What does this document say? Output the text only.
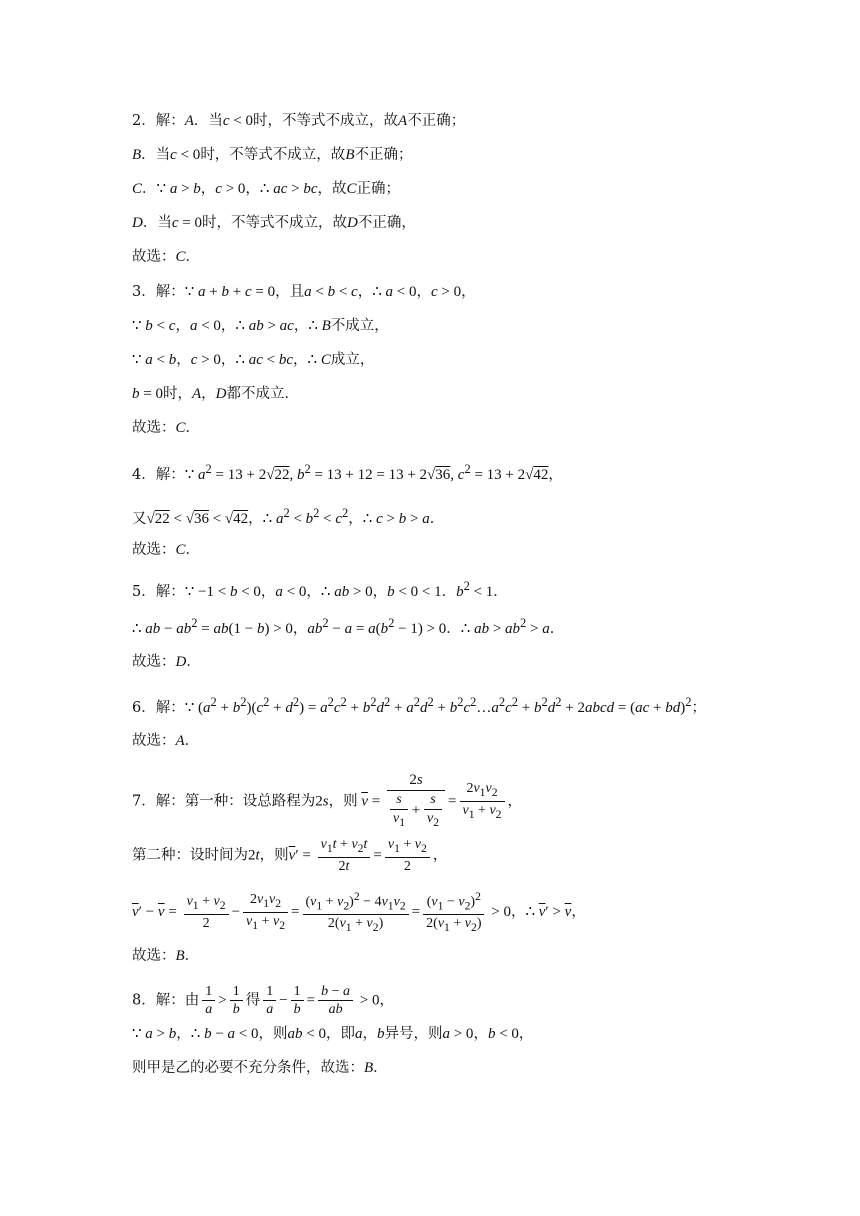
2．解：A．当c < 0时，不等式不成立，故A不正确；
B．当c < 0时，不等式不成立，故B不正确；
C．∵ a > b，c > 0，∴ ac > bc，故C正确；
D．当c = 0时，不等式不成立，故D不正确，
故选：C．
3．解：∵ a + b + c = 0，且a < b < c，∴ a < 0，c > 0，
∵ b < c，a < 0，∴ ab > ac，∴ B不成立，
∵ a < b，c > 0，∴ ac < bc，∴ C成立，
b = 0时，A，D都不成立．
故选：C．
4．解：∵ $a^2 = 13 + 2√22$, $b^2 = 13 + 12 = 13 + 2√36$, $c^2 = 13 + 2√42$，
又√22 < √36 < √42，∴ $a^2 < b^2 < c^2$，∴ c > b > a．
故选：C．
5．解：∵ −1 < b < 0，a < 0，∴ ab > 0，b < 0 < 1．$b^2 < 1$．
∴ ab − $ab^2 = ab(1 - b) > 0$，$ab^2 - a = a(b^2 - 1) > 0$．∴ ab > $ab^2 > a$．
故选：D．
6．解：∵ $(a^2 + b^2)(c^2 + d^2) = a^2c^2 + b^2d^2 + a^2d^2$ + $b^2c^2\dots a^2c^2 + b^2d^2$ + 2abcd = (ac + bd)$^2$；
故选：A．
7．解：第一种：设总路程为2s，则 $\overline{v} = \frac{2s}{\frac{s}{v_1} + \frac{s}{v_2}} = \frac{2v_1v_2}{v_1 + v_2}$ ，
第二种：设时间为2t，则$\overline{v}' = \frac{v_1t + v_2t}{2t} = \frac{v_1 + v_2}{2}$ ，
$\overline{v}' - \overline{v} = \frac{v_1 + v_2}{2} - \frac{2v_1v_2}{v_1 + v_2} = \frac{(v_1 + v_2)^2 - 4v_1v_2}{2(v_1 + v_2)} = \frac{(v_1 - v_2)^2}{2(v_1 + v_2)} > 0$，∴ $\overline{v}' > \overline{v}$，
故选：B．
8．解：由 $\frac{1}{a} > \frac{1}{b}$ 得 $\frac{1}{a} - \frac{1}{b} = \frac{b - a}{ab} > 0$，
∵ a > b，∴ b − a < 0，则ab < 0，即a，b异号，则a > 0，b < 0，
则甲是乙的必要不充分条件，故选：B．
